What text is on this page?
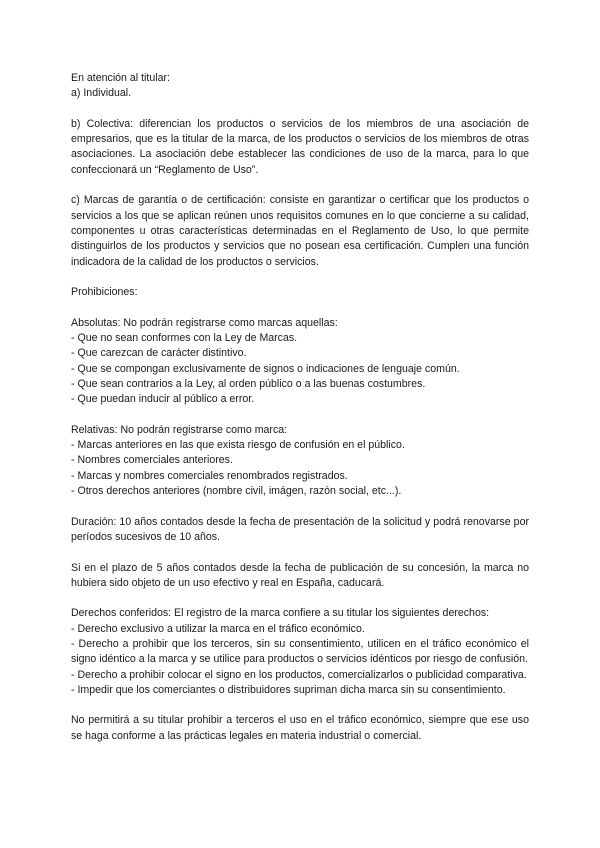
En atención al titular:
a) Individual.
b) Colectiva: diferencian los productos o servicios de los miembros de una asociación de empresarios, que es la titular de la marca, de los productos o servicios de los miembros de otras asociaciones. La asociación debe establecer las condiciones de uso de la marca, para lo que confeccionará un “Reglamento de Uso”.
c) Marcas de garantía o de certificación: consiste en garantizar o certificar que los productos o servicios a los que se aplican reúnen unos requisitos comunes en lo que concierne a su calidad, componentes u otras características determinadas en el Reglamento de Uso, lo que permite distinguirlos de los productos y servicios que no posean esa certificación. Cumplen una función indicadora de la calidad de los productos o servicios.
Prohibiciones:
Absolutas: No podrán registrarse como marcas aquellas:
- Que no sean conformes con la Ley de Marcas.
- Que carezcan de carácter distintivo.
- Que se compongan exclusivamente de signos o indicaciones de lenguaje común.
- Que sean contrarios a la Ley, al orden público o a las buenas costumbres.
- Que puedan inducir al público a error.
Relativas: No podrán registrarse como marca:
- Marcas anteriores en las que exista riesgo de confusión en el público.
- Nombres comerciales anteriores.
- Marcas y nombres comerciales renombrados registrados.
- Otros derechos anteriores (nombre civil, imágen, razón social, etc...).
Duración: 10 años contados desde la fecha de presentación de la solicitud y podrá renovarse por períodos sucesivos de 10 años.
Si en el plazo de 5 años contados desde la fecha de publicación de su concesión, la marca no hubiera sido objeto de un uso efectivo y real en España, caducará.
Derechos conferidos: El registro de la marca confiere a su titular los siguientes derechos:
- Derecho exclusivo a utilizar la marca en el tráfico económico.
- Derecho a prohibir que los terceros, sin su consentimiento, utilicen en el tráfico económico el signo idéntico a la marca y se utilice para productos o servicios idénticos por riesgo de confusión.
- Derecho a prohibir colocar el signo en los productos, comercializarlos o publicidad comparativa.
- Impedir que los comerciantes o distribuidores supriman dicha marca sin su consentimiento.
No permitirá a su titular prohibir a terceros el uso en el tráfico económico, siempre que ese uso se haga conforme a las prácticas legales en materia industrial o comercial.
